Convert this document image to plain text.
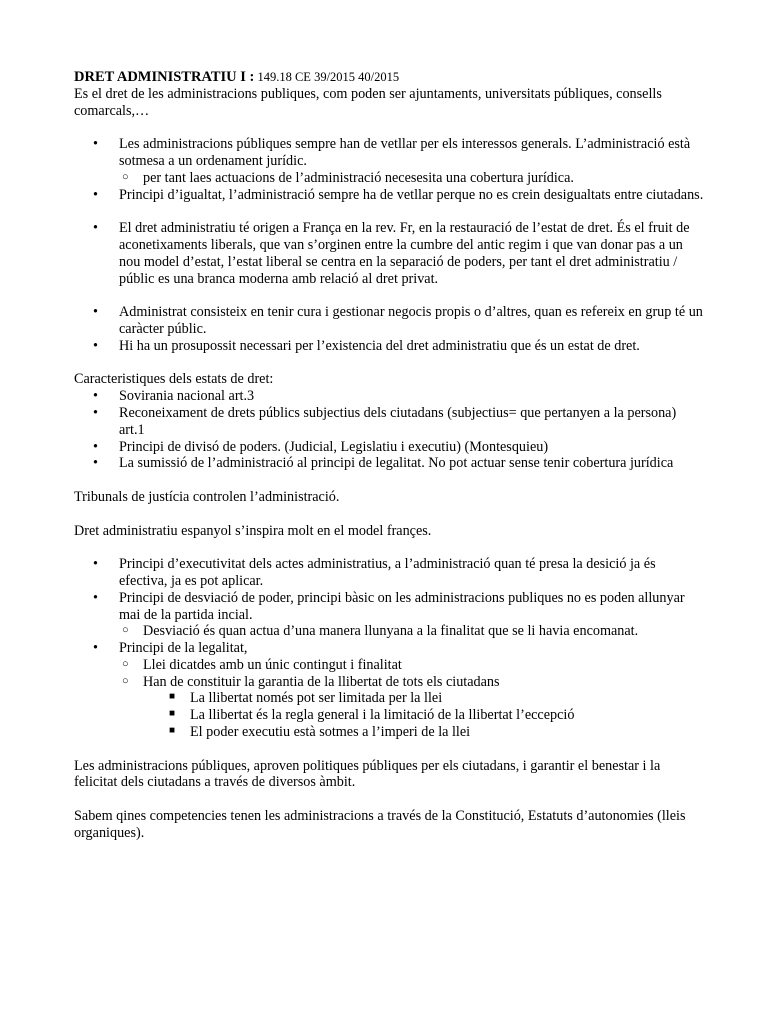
DRET ADMINISTRATIU I : 149.18 CE 39/2015 40/2015

Es el dret de les administracions publiques, com poden ser ajuntaments, universitats públiques, consells comarcals,…

• Les administracions públiques sempre han de vetllar per els interessos generals. L’administració està sotmesa a un ordenament jurídic.
○ per tant laes actuacions de l’administració necesesita una cobertura jurídica.
• Principi d’igualtat, l’administració sempre ha de vetllar perque no es crein desigualtats entre ciutadans.
• El dret administratiu té origen a França en la rev. Fr, en la restauració de l’estat de dret. És el fruit de aconetixaments liberals, que van s’orginen entre la cumbre del antic regim i que van donar pas a un nou model d’estat, l’estat liberal se centra en la separació de poders, per tant el dret administratiu / públic es una branca moderna amb relació al dret privat.
• Administrat consisteix en tenir cura i gestionar negocis propis o d’altres, quan es refereix en grup té un caràcter públic.
• Hi ha un prosupossit necessari per l’existencia del dret administratiu que és un estat de dret.

Caracteristiques dels estats de dret:

• Sovirania nacional art.3
• Reconeixament de drets públics subjectius dels ciutadans (subjectius= que pertanyen a la persona) art.1
• Principi de divisó de poders. (Judicial, Legislatiu i executiu) (Montesquieu)
• La sumissió de l’administració al principi de legalitat. No pot actuar sense tenir cobertura jurídica

Tribunals de justícia controlen l’administració.

Dret administratiu espanyol s’inspira molt en el model françes.

• Principi d’executivitat dels actes administratius, a l’administració quan té presa la desició ja és efectiva, ja es pot aplicar.
• Principi de desviació de poder, principi bàsic on les administracions publiques no es poden allunyar mai de la partida incial.
○ Desviació és quan actua d’una manera llunyana a la finalitat que se li havia encomanat.
• Principi de la legalitat,
○ Llei dicatdes amb un únic contingut i finalitat
○ Han de constituir la garantia de la llibertat de tots els ciutadans
■ La llibertat només pot ser limitada per la llei
■ La llibertat és la regla general i la limitació de la llibertat l’eccepció
■ El poder executiu està sotmes a l’imperi de la llei

Les administracions públiques, aproven politiques públiques per els ciutadans, i garantir el benestar i la felicitat dels ciutadans a través de diversos àmbit.

Sabem qines competencies tenen les administracions a través de la Constitució, Estatuts d’autonomies (lleis organiques).
